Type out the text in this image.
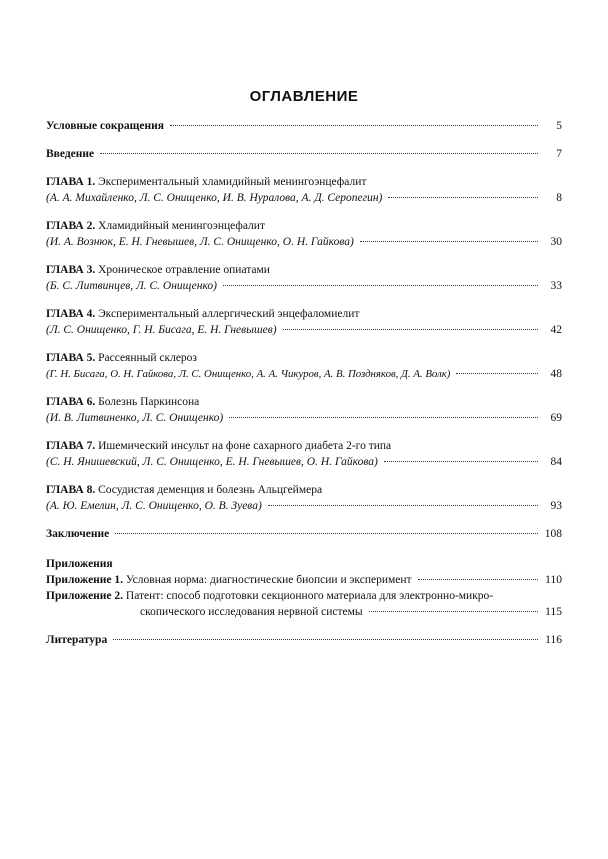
ОГЛАВЛЕНИЕ
Условные сокращения	5
Введение	7
ГЛАВА 1. Экспериментальный хламидийный менингоэнцефалит
(А. А. Михайленко, Л. С. Онищенко, И. В. Нуралова, А. Д. Серопегин)	8
ГЛАВА 2. Хламидийный менингоэнцефалит
(И. А. Вознюк, Е. Н. Гневышев, Л. С. Онищенко, О. Н. Гайкова)	30
ГЛАВА 3. Хроническое отравление опиатами
(Б. С. Литвинцев, Л. С. Онищенко)	33
ГЛАВА 4. Экспериментальный аллергический энцефаломиелит
(Л. С. Онищенко, Г. Н. Бисага, Е. Н. Гневышев)	42
ГЛАВА 5. Рассеянный склероз
(Г. Н. Бисага, О. Н. Гайкова, Л. С. Онищенко, А. А. Чикуров, А. В. Поздняков, Д. А. Волк)	48
ГЛАВА 6. Болезнь Паркинсона
(И. В. Литвиненко, Л. С. Онищенко)	69
ГЛАВА 7. Ишемический инсульт на фоне сахарного диабета 2-го типа
(С. Н. Янишевский, Л. С. Онищенко, Е. Н. Гневышев, О. Н. Гайкова)	84
ГЛАВА 8. Сосудистая деменция и болезнь Альцгеймера
(А. Ю. Емелин, Л. С. Онищенко, О. В. Зуева)	93
Заключение	108
Приложения
Приложение 1. Условная норма: диагностические биопсии и эксперимент	110
Приложение 2. Патент: способ подготовки секционного материала для электронно-микро-
скопического исследования нервной системы	115
Литература	116
